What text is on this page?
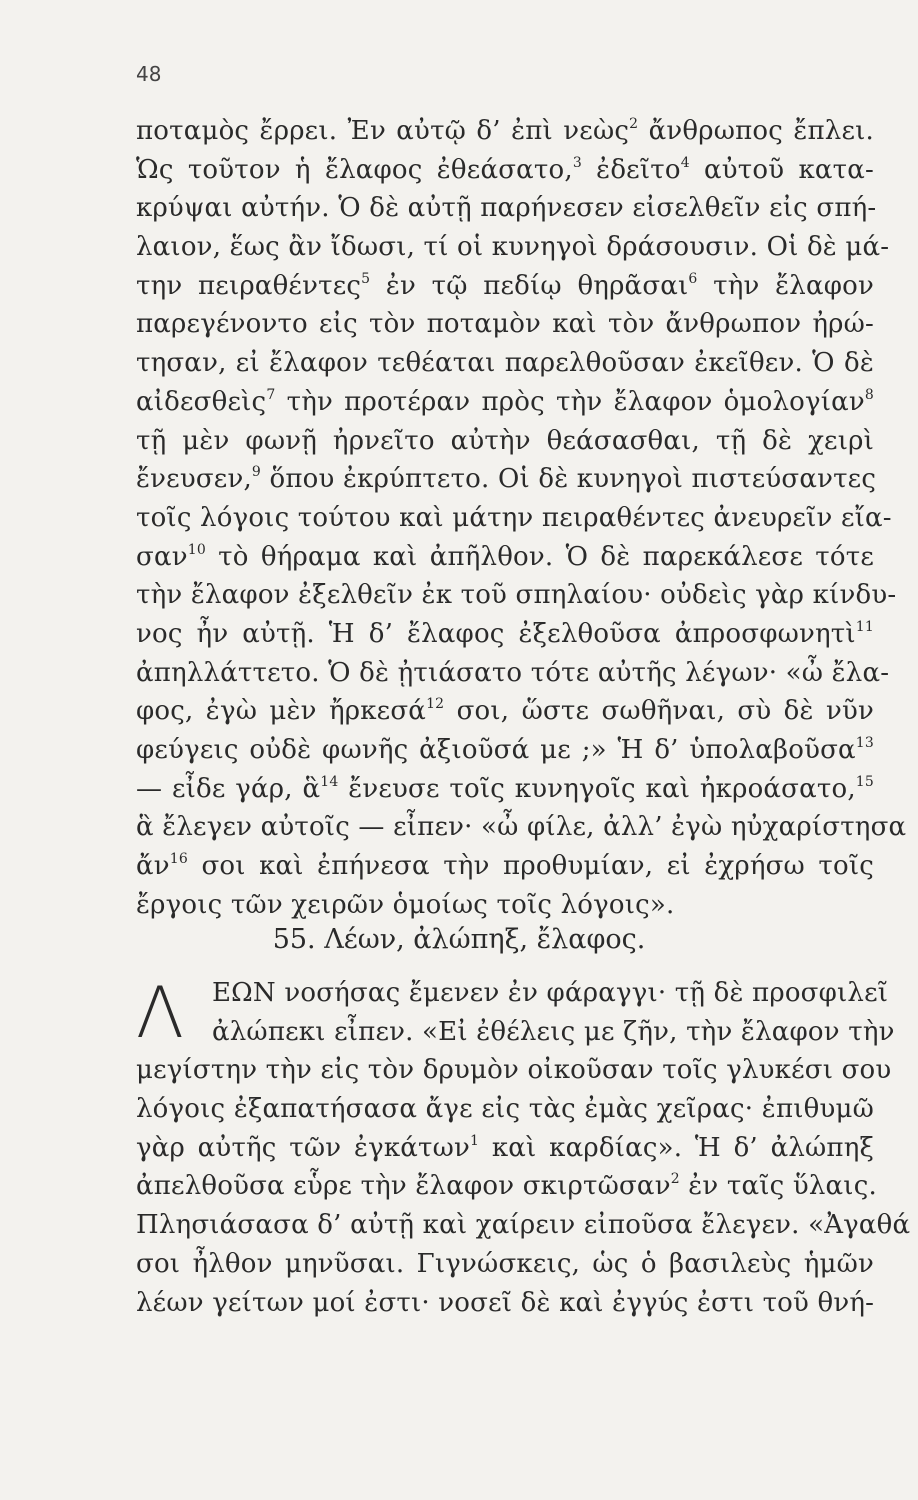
48
ποταμὸς ἔρρει. Ἐν αὐτῷ δ’ ἐπὶ νεὼς$^2$ ἄνθρωπος ἔπλει.
Ὡς τοῦτον ἡ ἔλαφος ἐθεάσατο,$^3$ ἐδεῖτο$^4$ αὐτοῦ κατα-
κρύψαι αὐτήν. Ὁ δὲ αὐτῇ παρήνεσεν εἰσελθεῖν εἰς σπή-
λαιον, ἕως ἂν ἴδωσι, τί οἱ κυνηγοὶ δράσουσιν. Οἱ δὲ μά-
την πειραθέντες$^5$ ἐν τῷ πεδίῳ θηρᾶσαι$^6$ τὴν ἔλαφον
παρεγένοντο εἰς τὸν ποταμὸν καὶ τὸν ἄνθρωπον ἠρώ-
τησαν, εἰ ἔλαφον τεθέαται παρελθοῦσαν ἐκεῖθεν. Ὁ δὲ
αἰδεσθεὶς$^7$ τὴν προτέραν πρὸς τὴν ἔλαφον ὁμολογίαν$^8$
τῇ μὲν φωνῇ ἠρνεῖτο αὐτὴν θεάσασθαι, τῇ δὲ χειρὶ
ἔνευσεν,$^9$ ὅπου ἐκρύπτετο. Οἱ δὲ κυνηγοὶ πιστεύσαντες
τοῖς λόγοις τούτου καὶ μάτην πειραθέντες ἀνευρεῖν εἴα-
σαν$^{10}$ τὸ θήραμα καὶ ἀπῆλθον. Ὁ δὲ παρεκάλεσε τότε
τὴν ἔλαφον ἐξελθεῖν ἐκ τοῦ σπηλαίου· οὐδεὶς γὰρ κίνδυ-
νος ἦν αὐτῇ. Ἡ δ’ ἔλαφος ἐξελθοῦσα ἀπροσφωνητὶ$^{11}$
ἀπηλλάττετο. Ὁ δὲ ᾐτιάσατο τότε αὐτῆς λέγων· «ὦ ἔλα-
φος, ἐγὼ μὲν ἤρκεσά$^{12}$ σοι, ὥστε σωθῆναι, σὺ δὲ νῦν
φεύγεις οὐδὲ φωνῆς ἀξιοῦσά με ;» Ἡ δ’ ὑπολαβοῦσα$^{13}$
— εἶδε γάρ, ἃ$^{14}$ ἔνευσε τοῖς κυνηγοῖς καὶ ἠκροάσατο,$^{15}$
ἃ ἔλεγεν αὐτοῖς — εἶπεν· «ὦ φίλε, ἀλλ’ ἐγὼ ηὐχαρίστησα
ἄν$^{16}$ σοι καὶ ἐπήνεσα τὴν προθυμίαν, εἰ ἐχρήσω τοῖς
ἔργοις τῶν χειρῶν ὁμοίως τοῖς λόγοις».
55. Λέων, ἀλώπηξ, ἔλαφος.
Λ	ΕΩΝ νοσήσας ἔμενεν ἐν φάραγγι· τῇ δὲ προσφιλεῖ
ἀλώπεκι εἶπεν. «Εἰ ἐθέλεις με ζῆν, τὴν ἔλαφον τὴν
μεγίστην τὴν εἰς τὸν δρυμὸν οἰκοῦσαν τοῖς γλυκέσι σου
λόγοις ἐξαπατήσασα ἄγε εἰς τὰς ἐμὰς χεῖρας· ἐπιθυμῶ
γὰρ αὐτῆς τῶν ἐγκάτων$^1$ καὶ καρδίας». Ἡ δ’ ἀλώπηξ
ἀπελθοῦσα εὗρε τὴν ἔλαφον σκιρτῶσαν$^2$ ἐν ταῖς ὕλαις.
Πλησιάσασα δ’ αὐτῇ καὶ χαίρειν εἰποῦσα ἔλεγεν. «Ἀγαθά
σοι ἦλθον μηνῦσαι. Γιγνώσκεις, ὡς ὁ βασιλεὺς ἡμῶν
λέων γείτων μοί ἐστι· νοσεῖ δὲ καὶ ἐγγύς ἐστι τοῦ θνή-
